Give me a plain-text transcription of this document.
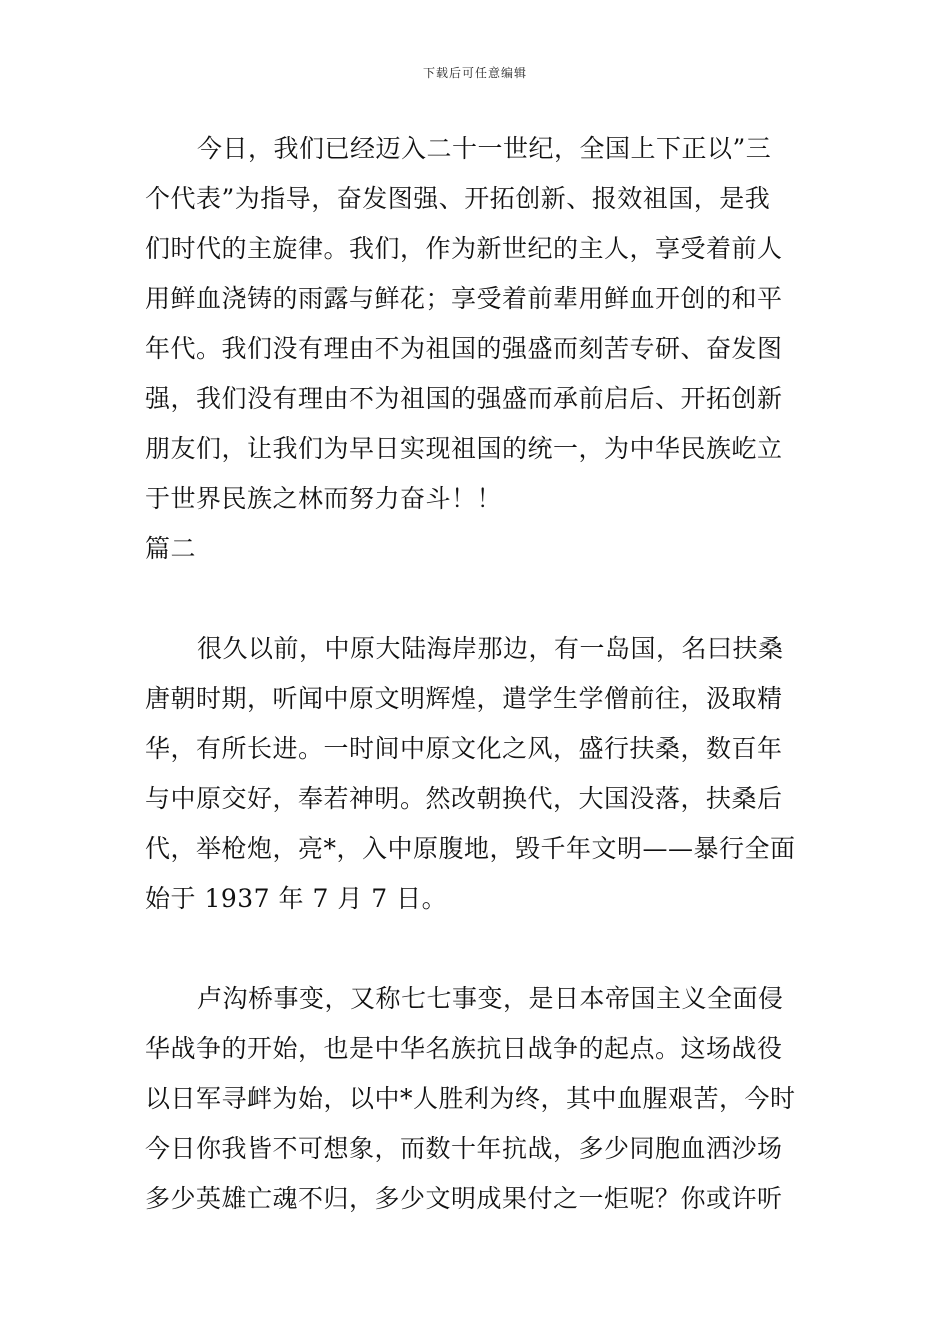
下载后可任意编辑
今日，我们已经迈入二十一世纪，全国上下正以”三
个代表”为指导，奋发图强、开拓创新、报效祖国，是我
们时代的主旋律。我们，作为新世纪的主人，享受着前人
用鲜血浇铸的雨露与鲜花；享受着前辈用鲜血开创的和平
年代。我们没有理由不为祖国的强盛而刻苦专研、奋发图
强，我们没有理由不为祖国的强盛而承前启后、开拓创新
朋友们，让我们为早日实现祖国的统一，为中华民族屹立
于世界民族之林而努力奋斗！！
篇二
很久以前，中原大陆海岸那边，有一岛国，名曰扶桑
唐朝时期，听闻中原文明辉煌，遣学生学僧前往，汲取精
华，有所长进。一时间中原文化之风，盛行扶桑，数百年
与中原交好，奉若神明。然改朝换代，大国没落，扶桑后
代，举枪炮，亮*，入中原腹地，毁千年文明——暴行全面
始于 1937 年 7 月 7 日。
卢沟桥事变，又称七七事变，是日本帝国主义全面侵
华战争的开始，也是中华名族抗日战争的起点。这场战役
以日军寻衅为始，以中*人胜利为终，其中血腥艰苦，今时
今日你我皆不可想象，而数十年抗战，多少同胞血洒沙场
多少英雄亡魂不归，多少文明成果付之一炬呢？你或许听
